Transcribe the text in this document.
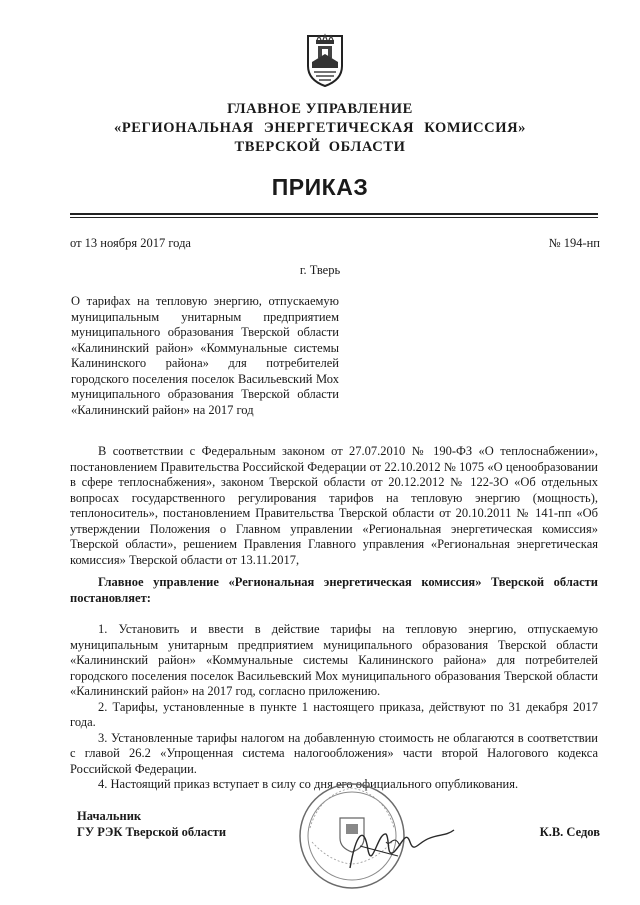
ГЛАВНОЕ УПРАВЛЕНИЕ
«РЕГИОНАЛЬНАЯ ЭНЕРГЕТИЧЕСКАЯ КОМИССИЯ»
ТВЕРСКОЙ ОБЛАСТИ
ПРИКАЗ
от 13 ноября 2017 года	№ 194-нп
г. Тверь
О тарифах на тепловую энергию, отпускаемую муниципальным унитарным предприятием муниципального образования Тверской области «Калининский район» «Коммунальные системы Калининского района» для потребителей городского поселения поселок Васильевский Мох муниципального образования Тверской области «Калининский район» на 2017 год
В соответствии с Федеральным законом от 27.07.2010 № 190-ФЗ «О теплоснабжении», постановлением Правительства Российской Федерации от 22.10.2012 № 1075 «О ценообразовании в сфере теплоснабжения», законом Тверской области от 20.12.2012 № 122-ЗО «Об отдельных вопросах государственного регулирования тарифов на тепловую энергию (мощность), теплоноситель», постановлением Правительства Тверской области от 20.10.2011 № 141-пп «Об утверждении Положения о Главном управлении «Региональная энергетическая комиссия» Тверской области», решением Правления Главного управления «Региональная энергетическая комиссия» Тверской области от 13.11.2017,
Главное управление «Региональная энергетическая комиссия» Тверской области постановляет:

1. Установить и ввести в действие тарифы на тепловую энергию, отпускаемую муниципальным унитарным предприятием муниципального образования Тверской области «Калининский район» «Коммунальные системы Калининского района» для потребителей городского поселения поселок Васильевский Мох муниципального образования Тверской области «Калининский район» на 2017 год, согласно приложению.

2. Тарифы, установленные в пункте 1 настоящего приказа, действуют по 31 декабря 2017 года.

3. Установленные тарифы налогом на добавленную стоимость не облагаются в соответствии с главой 26.2 «Упрощенная система налогообложения» части второй Налогового кодекса Российской Федерации.

4. Настоящий приказ вступает в силу со дня его официального опубликования.

Начальник
ГУ РЭК Тверской области	К.В. Седов
